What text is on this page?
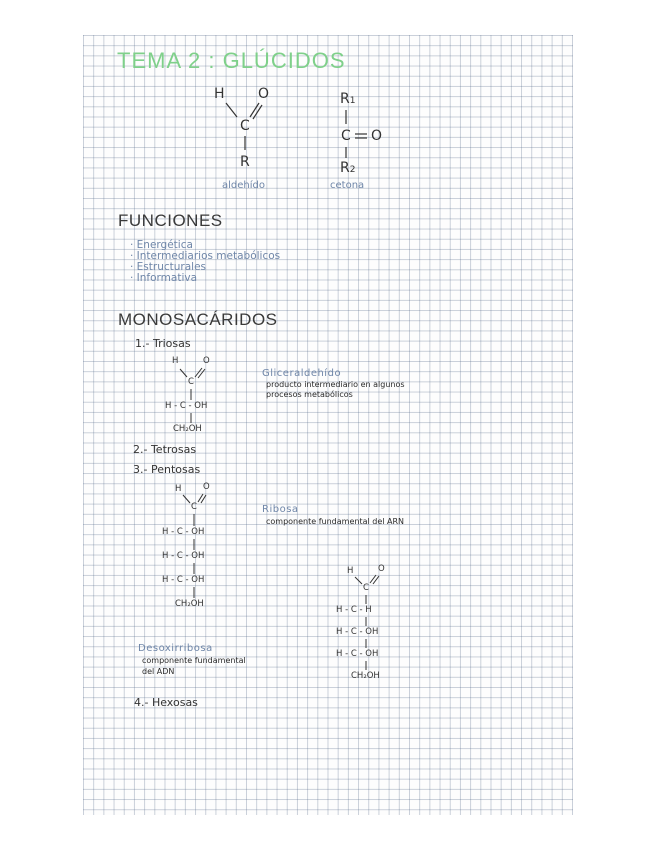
TEMA 2 : GLÚCIDOS
H O
C
R
aldehído
R1
C O
R2
cetona
FUNCIONES
· Energética
· Intermediarios metabólicos
· Estructurales
· Informativa
MONOSACÁRIDOS
1.- Triosas
H	O
C
H - C - OH
CH₂OH
Gliceraldehído
producto intermediario en algunos
procesos metabólicos
2.- Tetrosas
3.- Pentosas
H	O
C
H - C - OH
H - C - OH
H - C - OH
CH₂OH
Ribosa
componente fundamental del ARN
H	O
C
H - C - H
H - C - OH
H - C - OH
CH₂OH
Desoxirribosa
componente fundamental
del ADN
4.- Hexosas
